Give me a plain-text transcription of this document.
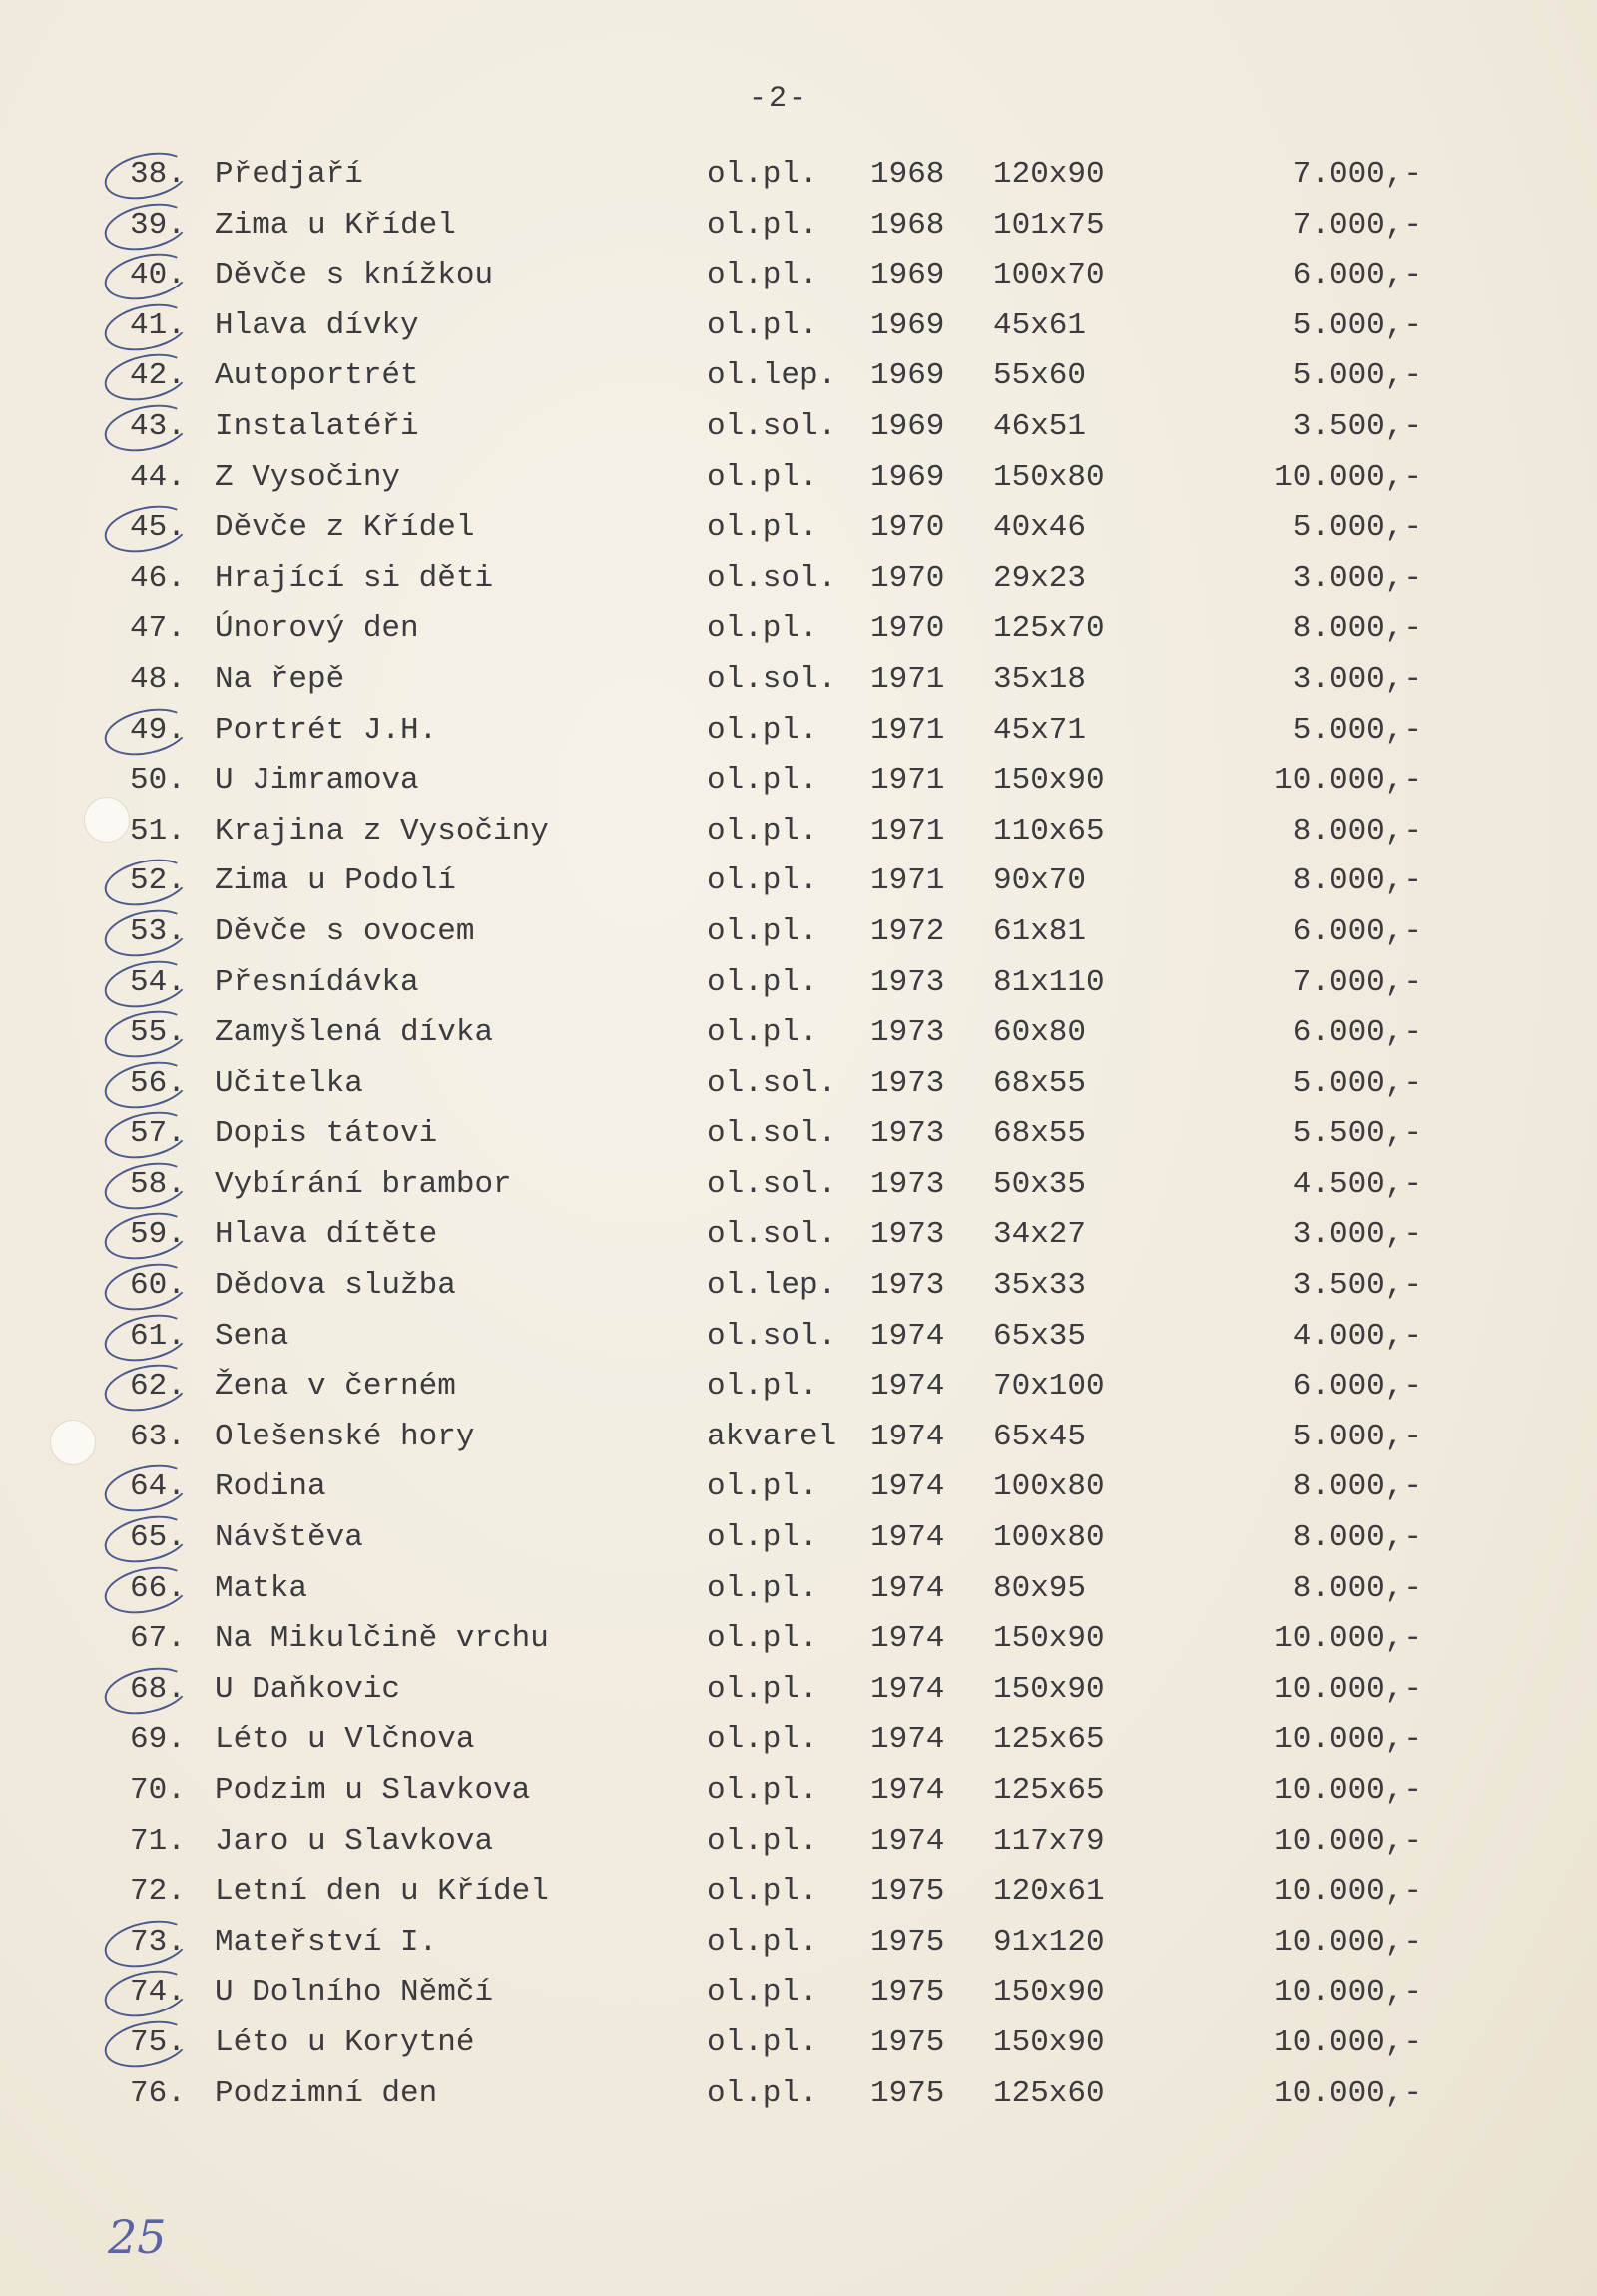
-2-
38. Předjaří	ol.pl. 1968 120x90	7.000,-
39. Zima u Křídel	ol.pl. 1968 101x75	7.000,-
40. Děvče s knížkou	ol.pl. 1969 100x70	6.000,-
41. Hlava dívky	ol.pl. 1969 45x61	5.000,-
42. Autoportrét	ol.lep. 1969 55x60	5.000,-
43. Instalatéři	ol.sol. 1969 46x51	3.500,-
44. Z Vysočiny	ol.pl. 1969 150x80	10.000,-
45. Děvče z Křídel	ol.pl. 1970 40x46	5.000,-
46. Hrající si děti	ol.sol. 1970 29x23	3.000,-
47. Únorový den	ol.pl. 1970 125x70	8.000,-
48. Na řepě	ol.sol. 1971 35x18	3.000,-
49. Portrét J.H.	ol.pl. 1971 45x71	5.000,-
50. U Jimramova	ol.pl. 1971 150x90	10.000,-
51. Krajina z Vysočiny	ol.pl. 1971 110x65	8.000,-
52. Zima u Podolí	ol.pl. 1971 90x70	8.000,-
53. Děvče s ovocem	ol.pl. 1972 61x81	6.000,-
54. Přesnídávka	ol.pl. 1973 81x110	7.000,-
55. Zamyšlená dívka	ol.pl. 1973 60x80	6.000,-
56. Učitelka	ol.sol. 1973 68x55	5.000,-
57. Dopis tátovi	ol.sol. 1973 68x55	5.500,-
58. Vybírání brambor	ol.sol. 1973 50x35	4.500,-
59. Hlava dítěte	ol.sol. 1973 34x27	3.000,-
60. Dědova služba	ol.lep. 1973 35x33	3.500,-
61. Sena	ol.sol. 1974 65x35	4.000,-
62. Žena v černém	ol.pl. 1974 70x100	6.000,-
63. Olešenské hory	akvarel 1974 65x45	5.000,-
64. Rodina	ol.pl. 1974 100x80	8.000,-
65. Návštěva	ol.pl. 1974 100x80	8.000,-
66. Matka	ol.pl. 1974 80x95	8.000,-
67. Na Mikulčině vrchu	ol.pl. 1974 150x90	10.000,-
68. U Daňkovic	ol.pl. 1974 150x90	10.000,-
69. Léto u Vlčnova	ol.pl. 1974 125x65	10.000,-
70. Podzim u Slavkova	ol.pl. 1974 125x65	10.000,-
71. Jaro u Slavkova	ol.pl. 1974 117x79	10.000,-
72. Letní den u Křídel	ol.pl. 1975 120x61	10.000,-
73. Mateřství I.	ol.pl. 1975 91x120	10.000,-
74. U Dolního Němčí	ol.pl. 1975 150x90	10.000,-
75. Léto u Korytné	ol.pl. 1975 150x90	10.000,-
76. Podzimní den	ol.pl. 1975 125x60	10.000,-
25
